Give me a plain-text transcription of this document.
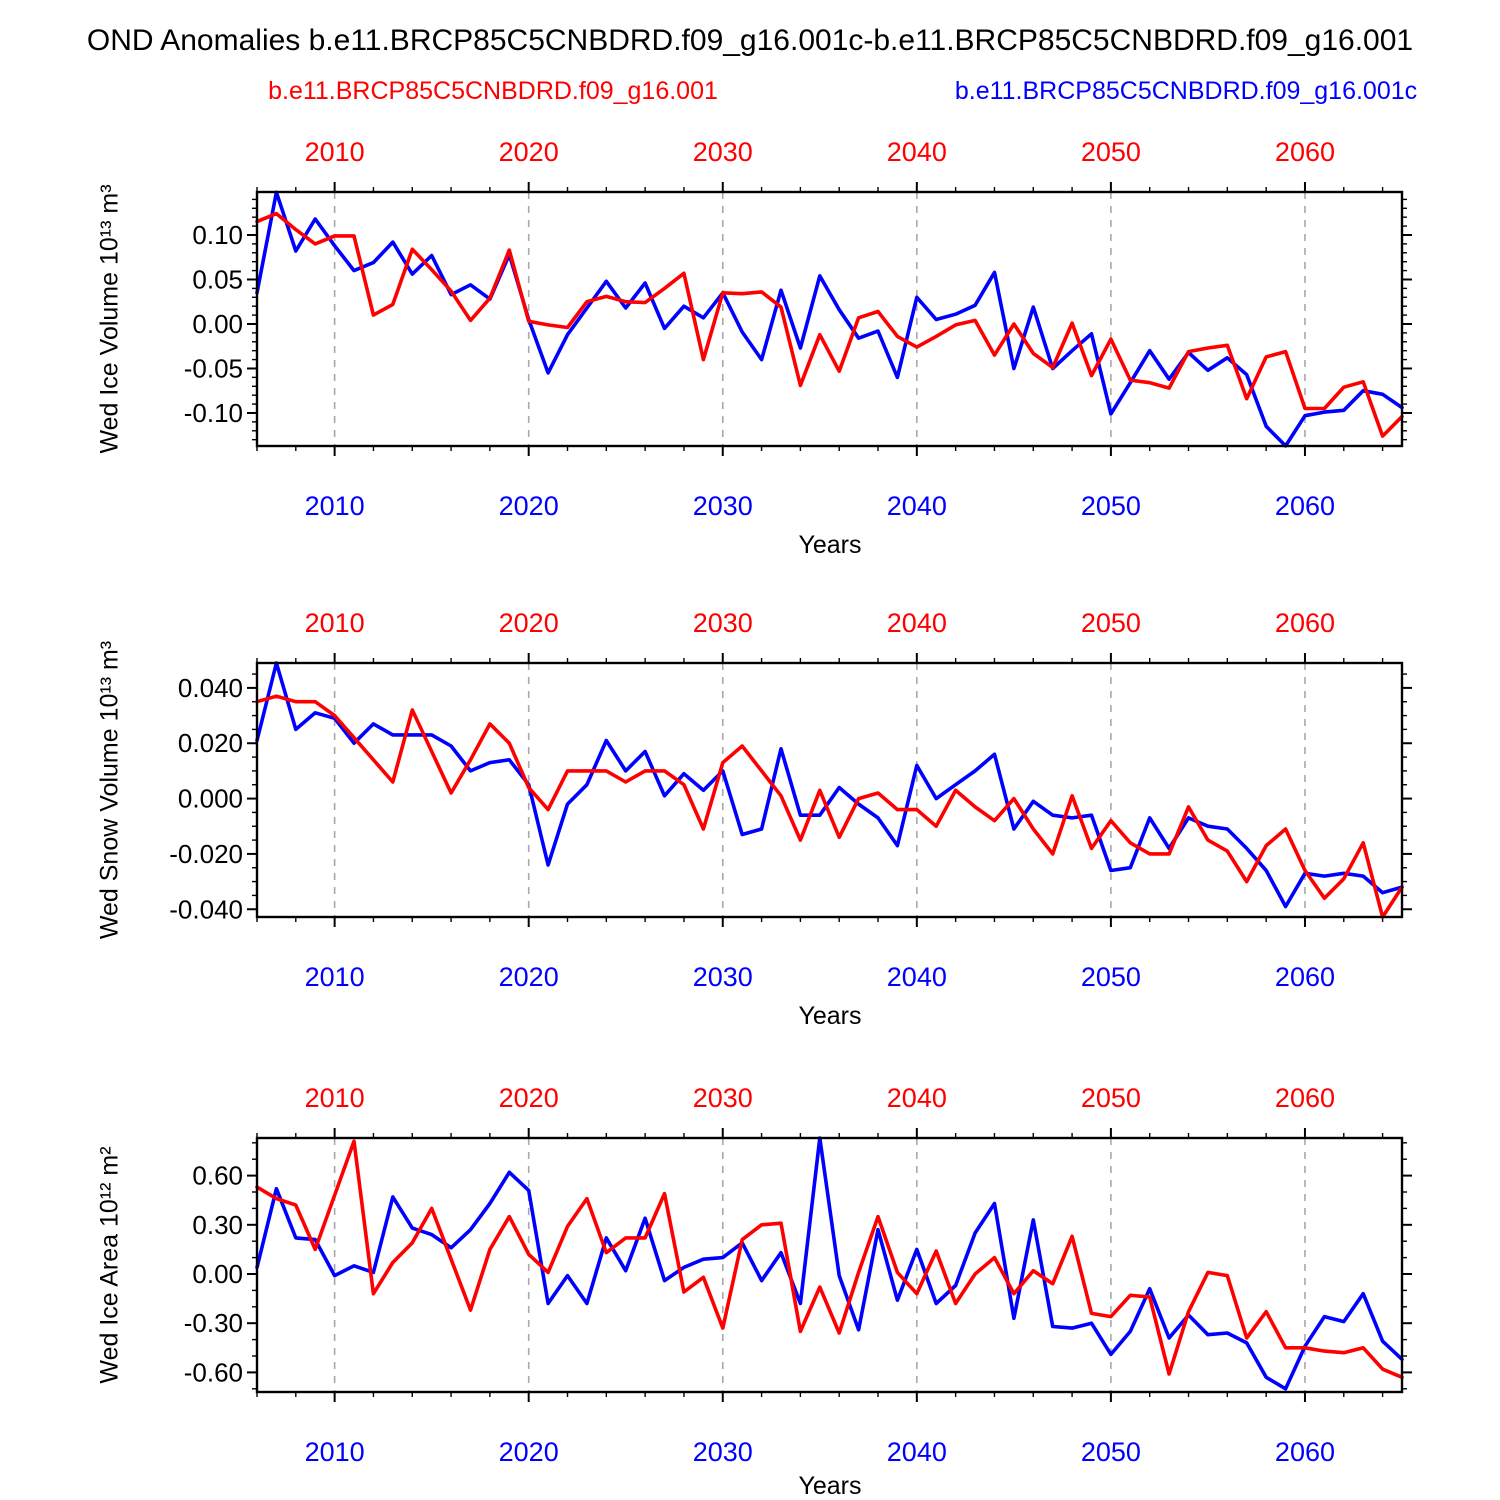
OND Anomalies b.e11.BRCP85C5CNBDRD.f09_g16.001c-b.e11.BRCP85C5CNBDRD.f09_g16.001
b.e11.BRCP85C5CNBDRD.f09_g16.001	b.e11.BRCP85C5CNBDRD.f09_g16.001c
Wed Ice Volume 10¹³ m³
Wed Snow Volume 10¹³ m³
Wed Ice Area 10¹² m²
Years
Years
Years
0.10
0.05
0.00
-0.05
-0.10
2010
2010
2020
2020
2030
2030
2040
2040
2050
2050
2060
2060
0.040
0.020
0.000
-0.020
-0.040
2010
2010
2020
2020
2030
2030
2040
2040
2050
2050
2060
2060
0.60
0.30
0.00
-0.30
-0.60
2010
2010
2020
2020
2030
2030
2040
2040
2050
2050
2060
2060
